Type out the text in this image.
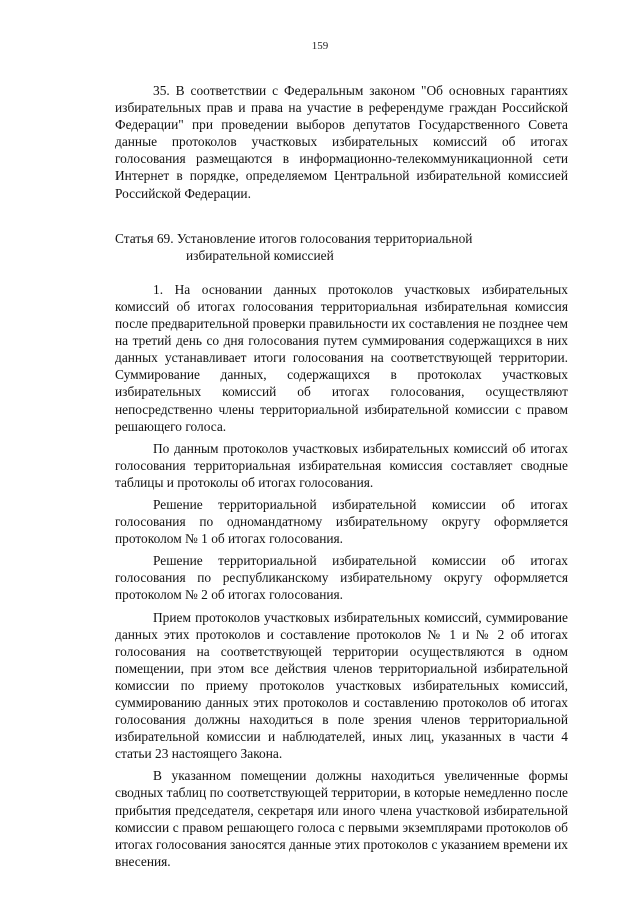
159

35. В соответствии с Федеральным законом "Об основных гарантиях избирательных прав и права на участие в референдуме граждан Российской Федерации" при проведении выборов депутатов Государственного Совета данные протоколов участковых избирательных комиссий об итогах голосования размещаются в информационно-телекоммуникационной сети Интернет в порядке, определяемом Центральной избирательной комиссией Российской Федерации.

Статья 69. Установление итогов голосования территориальной
избирательной комиссией

1. На основании данных протоколов участковых избирательных комиссий об итогах голосования территориальная избирательная комиссия после предварительной проверки правильности их составления не позднее чем на третий день со дня голосования путем суммирования содержащихся в них данных устанавливает итоги голосования на соответствующей территории. Суммирование данных, содержащихся в протоколах участковых избирательных комиссий об итогах голосования, осуществляют непосредственно члены территориальной избирательной комиссии с правом решающего голоса.

По данным протоколов участковых избирательных комиссий об итогах голосования территориальная избирательная комиссия составляет сводные таблицы и протоколы об итогах голосования.

Решение территориальной избирательной комиссии об итогах голосования по одномандатному избирательному округу оформляется протоколом № 1 об итогах голосования.

Решение территориальной избирательной комиссии об итогах голосования по республиканскому избирательному округу оформляется протоколом № 2 об итогах голосования.

Прием протоколов участковых избирательных комиссий, суммирование данных этих протоколов и составление протоколов № 1 и № 2 об итогах голосования на соответствующей территории осуществляются в одном помещении, при этом все действия членов территориальной избирательной комиссии по приему протоколов участковых избирательных комиссий, суммированию данных этих протоколов и составлению протоколов об итогах голосования должны находиться в поле зрения членов территориальной избирательной комиссии и наблюдателей, иных лиц, указанных в части 4 статьи 23 настоящего Закона.

В указанном помещении должны находиться увеличенные формы сводных таблиц по соответствующей территории, в которые немедленно после прибытия председателя, секретаря или иного члена участковой избирательной комиссии с правом решающего голоса с первыми экземплярами протоколов об итогах голосования заносятся данные этих протоколов с указанием времени их внесения.
